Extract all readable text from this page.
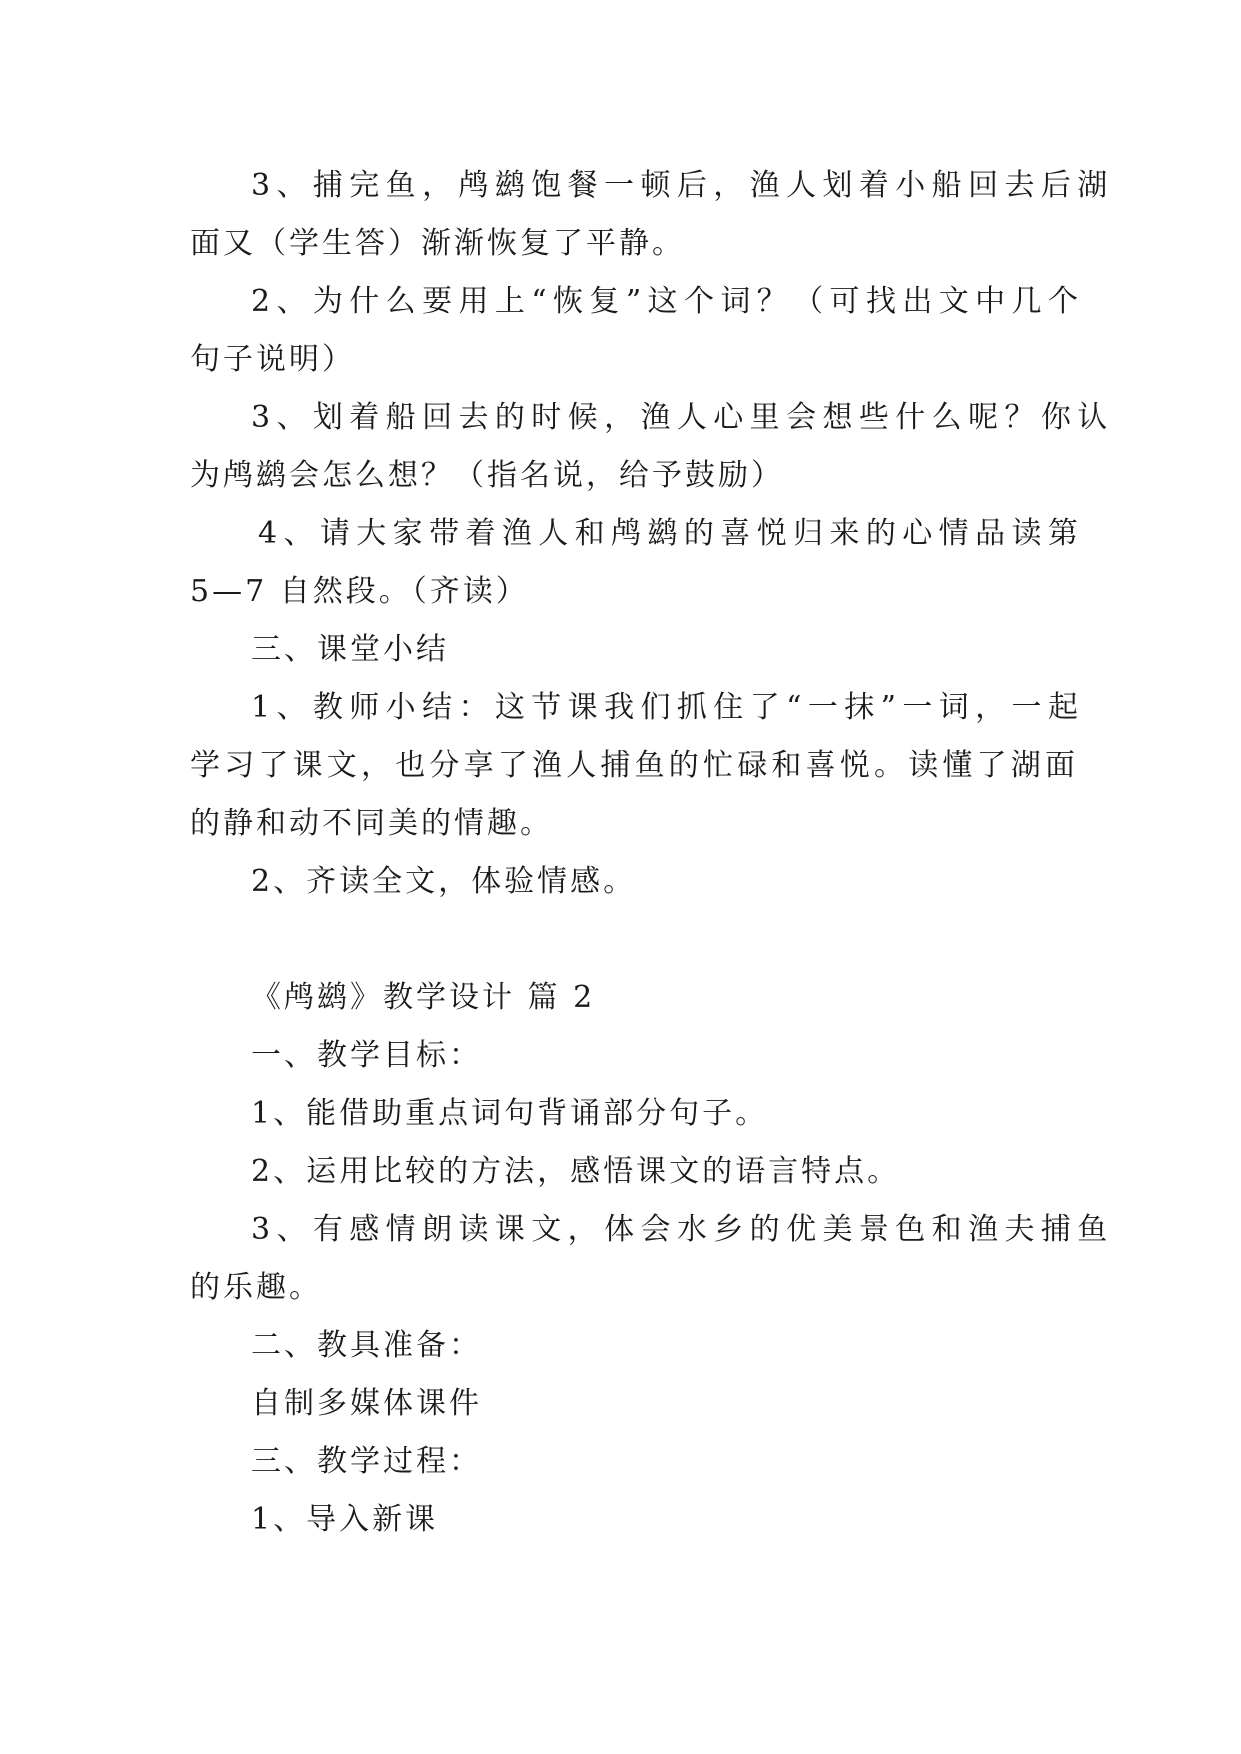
3、捕完鱼，鸬鹚饱餐一顿后，渔人划着小船回去后湖
面又（学生答）渐渐恢复了平静。
2、为什么要用上“恢复”这个词？（可找出文中几个
句子说明）
3、划着船回去的时候，渔人心里会想些什么呢？你认
为鸬鹚会怎么想？（指名说，给予鼓励）
4、请大家带着渔人和鸬鹚的喜悦归来的心情品读第
5—7 自然段。（齐读）
三、课堂小结
1、教师小结：这节课我们抓住了“一抹”一词，一起
学习了课文，也分享了渔人捕鱼的忙碌和喜悦。读懂了湖面
的静和动不同美的情趣。
2、齐读全文，体验情感。
《鸬鹚》教学设计 篇 2
一、教学目标：
1、能借助重点词句背诵部分句子。
2、运用比较的方法，感悟课文的语言特点。
3、有感情朗读课文，体会水乡的优美景色和渔夫捕鱼
的乐趣。
二、教具准备：
自制多媒体课件
三、教学过程：
1、导入新课
